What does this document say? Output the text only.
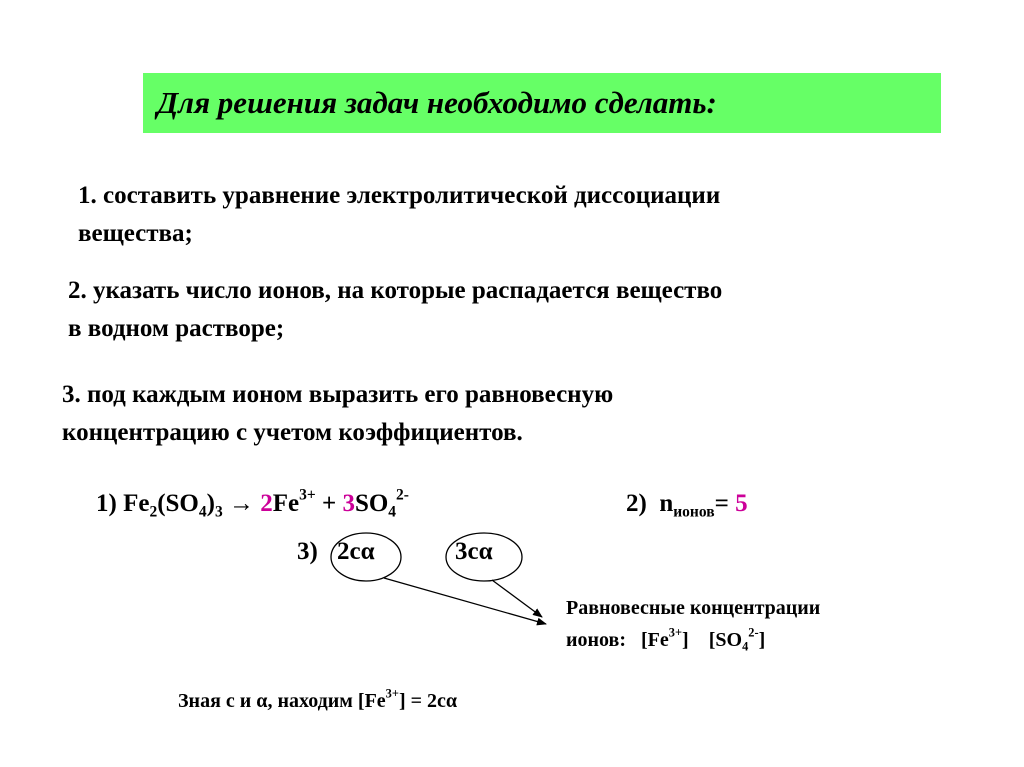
Для решения задач необходимо сделать:
1. составить уравнение электролитической диссоциации
вещества;
2. указать число ионов, на которые распадается вещество
в водном растворе;
3. под каждым ионом выразить его равновесную
концентрацию с учетом коэффициентов.
1) $Fe_2(SO_4)_3 \to 2Fe^{3+} + 3SO_4^{2-}$	2) $n_{ионов}= 5$
3) 2cα	3cα
Равновесные концентрации
ионов: $[Fe^{3+}]$ $[SO_4^{2-}]$
Зная с и α, находим $[Fe^{3+}] = 2c\alpha$
